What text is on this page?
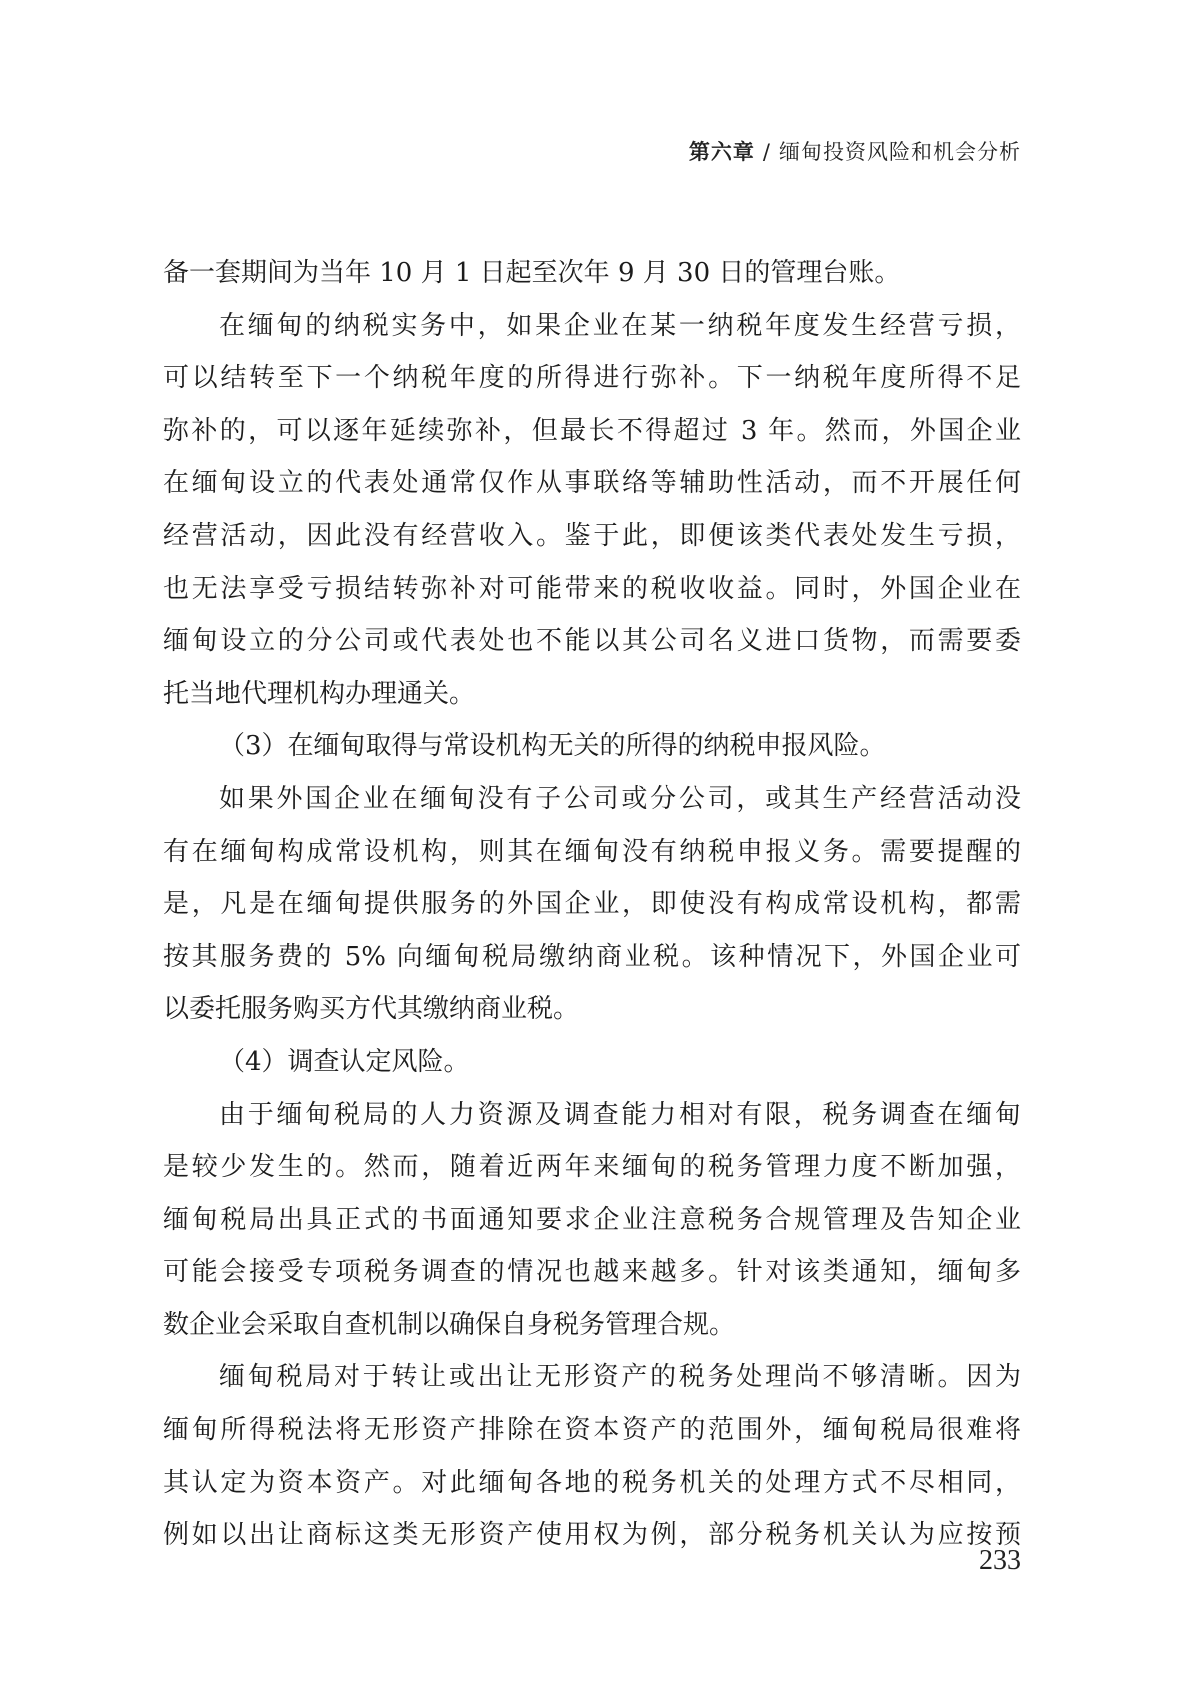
第六章 / 缅甸投资风险和机会分析
备一套期间为当年 10 月 1 日起至次年 9 月 30 日的管理台账。
在缅甸的纳税实务中，如果企业在某一纳税年度发生经营亏损，
可以结转至下一个纳税年度的所得进行弥补。下一纳税年度所得不足
弥补的，可以逐年延续弥补，但最长不得超过 3 年。然而，外国企业
在缅甸设立的代表处通常仅作从事联络等辅助性活动，而不开展任何
经营活动，因此没有经营收入。鉴于此，即便该类代表处发生亏损，
也无法享受亏损结转弥补对可能带来的税收收益。同时，外国企业在
缅甸设立的分公司或代表处也不能以其公司名义进口货物，而需要委
托当地代理机构办理通关。
（3）在缅甸取得与常设机构无关的所得的纳税申报风险。
如果外国企业在缅甸没有子公司或分公司，或其生产经营活动没
有在缅甸构成常设机构，则其在缅甸没有纳税申报义务。需要提醒的
是，凡是在缅甸提供服务的外国企业，即使没有构成常设机构，都需
按其服务费的 5% 向缅甸税局缴纳商业税。该种情况下，外国企业可
以委托服务购买方代其缴纳商业税。
（4）调查认定风险。
由于缅甸税局的人力资源及调查能力相对有限，税务调查在缅甸
是较少发生的。然而，随着近两年来缅甸的税务管理力度不断加强，
缅甸税局出具正式的书面通知要求企业注意税务合规管理及告知企业
可能会接受专项税务调查的情况也越来越多。针对该类通知，缅甸多
数企业会采取自查机制以确保自身税务管理合规。
缅甸税局对于转让或出让无形资产的税务处理尚不够清晰。因为
缅甸所得税法将无形资产排除在资本资产的范围外，缅甸税局很难将
其认定为资本资产。对此缅甸各地的税务机关的处理方式不尽相同，
例如以出让商标这类无形资产使用权为例，部分税务机关认为应按预
233
